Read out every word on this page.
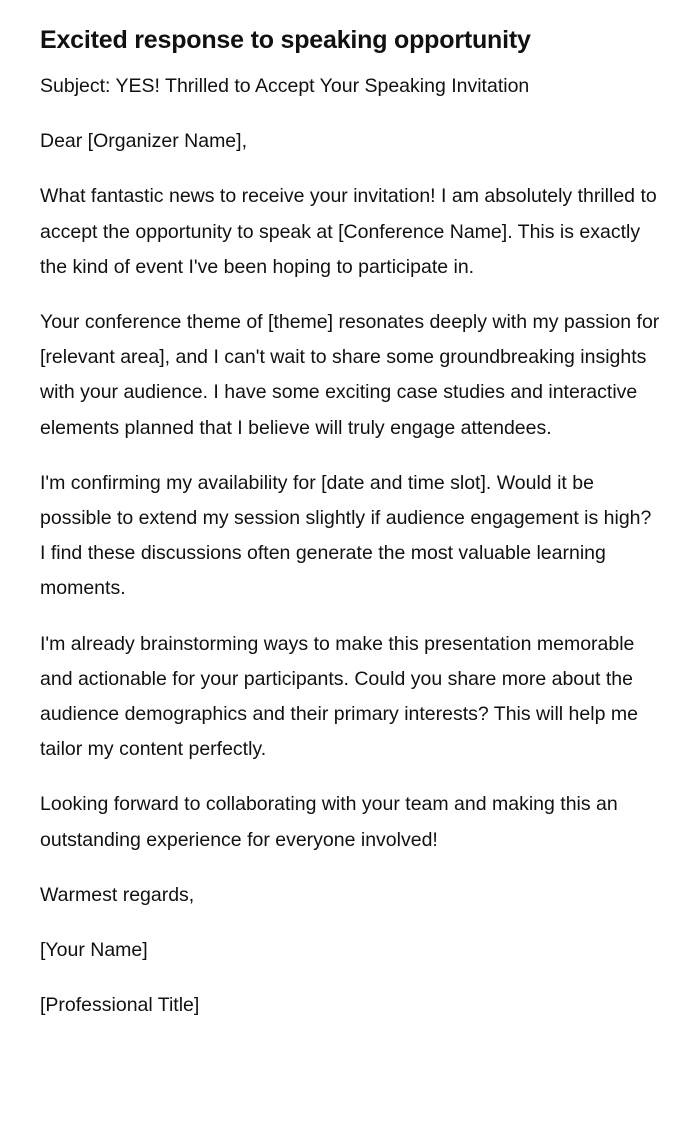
Excited response to speaking opportunity

Subject: YES! Thrilled to Accept Your Speaking Invitation

Dear [Organizer Name],

What fantastic news to receive your invitation! I am absolutely thrilled to accept the opportunity to speak at [Conference Name]. This is exactly the kind of event I've been hoping to participate in.

Your conference theme of [theme] resonates deeply with my passion for [relevant area], and I can't wait to share some groundbreaking insights with your audience. I have some exciting case studies and interactive elements planned that I believe will truly engage attendees.

I'm confirming my availability for [date and time slot]. Would it be possible to extend my session slightly if audience engagement is high? I find these discussions often generate the most valuable learning moments.

I'm already brainstorming ways to make this presentation memorable and actionable for your participants. Could you share more about the audience demographics and their primary interests? This will help me tailor my content perfectly.

Looking forward to collaborating with your team and making this an outstanding experience for everyone involved!

Warmest regards,

[Your Name]

[Professional Title]
